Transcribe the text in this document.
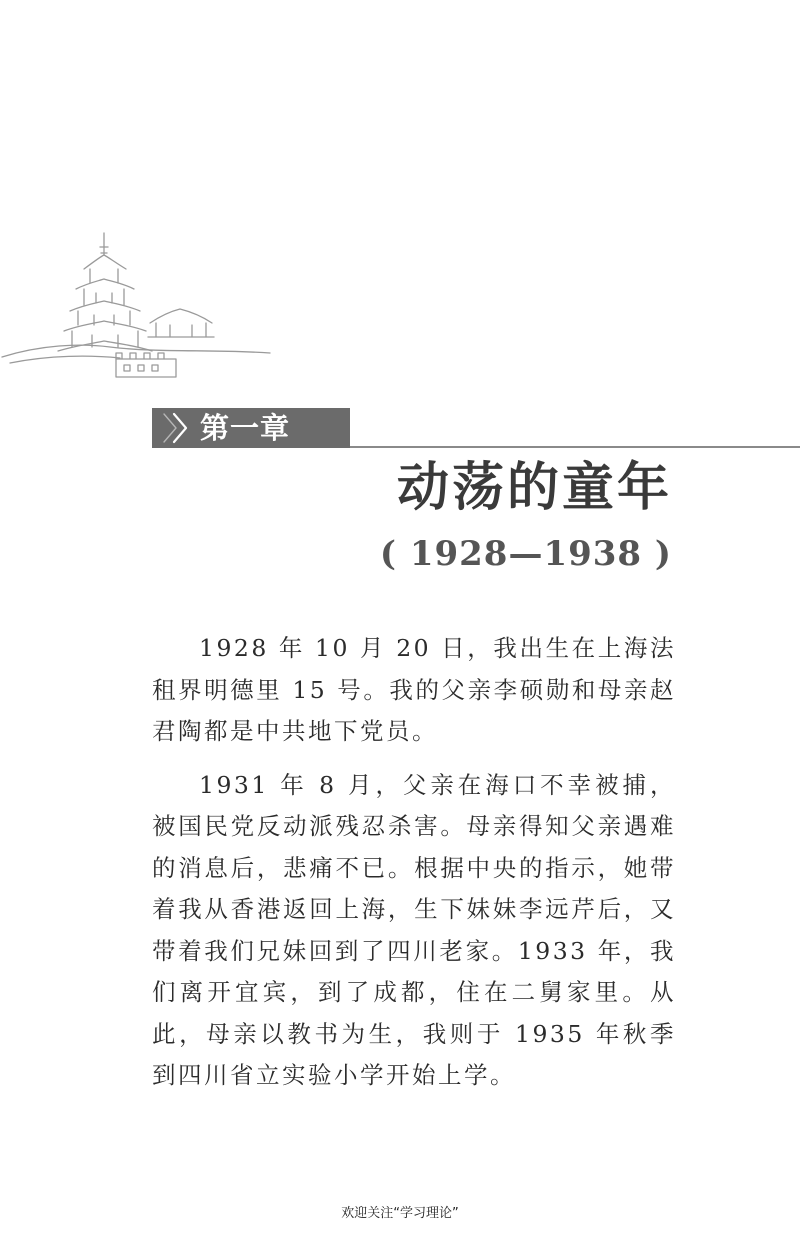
第一章
动荡的童年
( 1928—1938 )

1928 年 10 月 20 日，我出生在上海法租界明德里 15 号。我的父亲李硕勋和母亲赵君陶都是中共地下党员。

1931 年 8 月，父亲在海口不幸被捕，被国民党反动派残忍杀害。母亲得知父亲遇难的消息后，悲痛不已。根据中央的指示，她带着我从香港返回上海，生下妹妹李远芹后，又带着我们兄妹回到了四川老家。1933 年，我们离开宜宾，到了成都，住在二舅家里。从此，母亲以教书为生，我则于 1935 年秋季到四川省立实验小学开始上学。

欢迎关注“学习理论”
